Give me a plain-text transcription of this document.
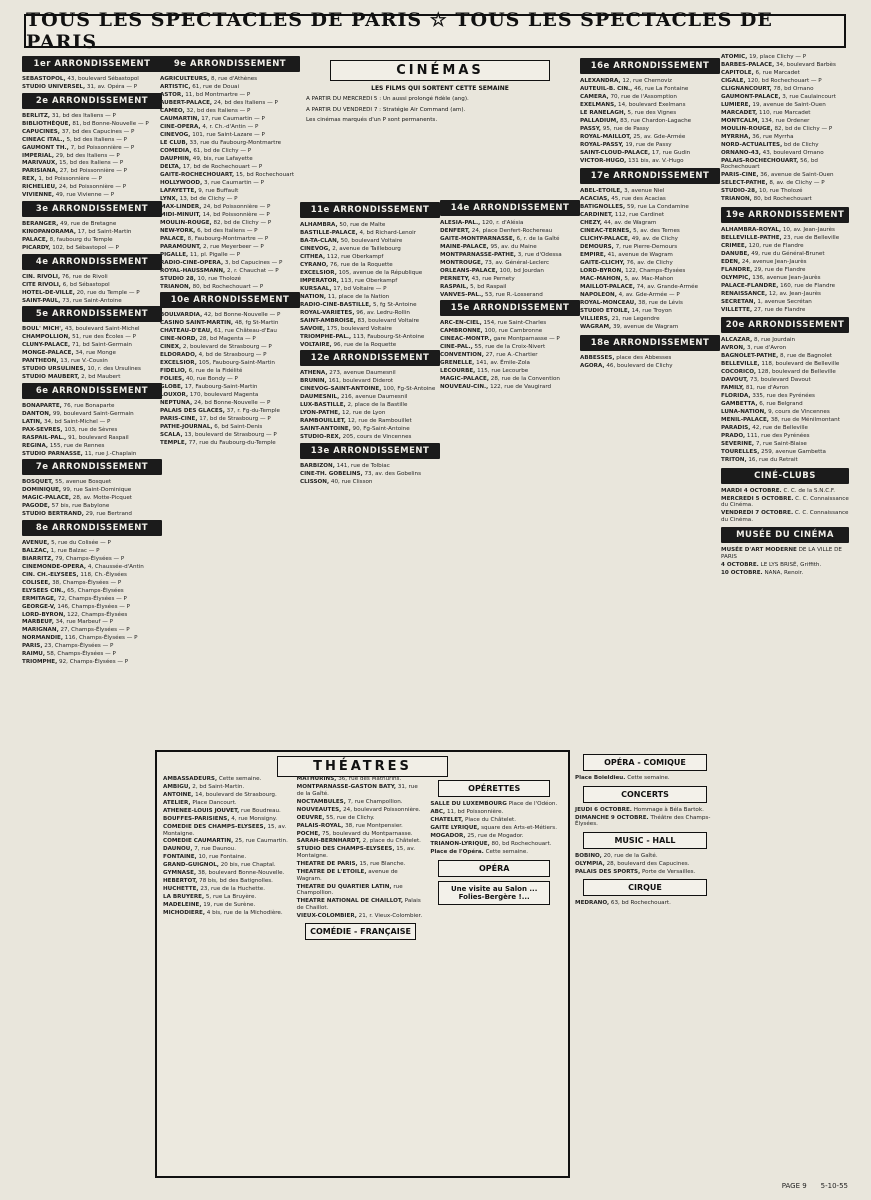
TOUS LES SPECTACLES DE PARIS ☆ TOUS LES SPECTACLES DE PARIS
1er ARRONDISSEMENT
SEBASTOPOL, 43, boulevard Sébastopol
STUDIO UNIVERSEL, 31, av. Opéra — P
2e ARRONDISSEMENT
BERLITZ, 31, bd des Italiens — P
BIBLIOTHÈQUE, 81, bd Bonne-Nouvelle — P
CAPUCINES, 37, bd des Capucines — P
CINEAC ITAL., 5, bd des Italiens — P
GAUMONT TH., 7, bd Poissonnière — P
IMPERIAL, 29, bd des Italiens — P
MARIVAUX, 15, bd des Italiens — P
PARISIANA, 27, bd Poissonnière — P
REX, 1, bd Poissonnière — P
RICHELIEU, 24, bd Poissonnière — P
VIVIENNE, 49, rue Vivienne — P
3e ARRONDISSEMENT
BERANGER, 49, rue de Bretagne
KINOPANORAMA, 17, bd Saint-Martin
PALACE, 8, faubourg du Temple
PICARDY, 102, bd Sébastopol — P
4e ARRONDISSEMENT
CIN. RIVOLI, 76, rue de Rivoli
CITE RIVOLI, 6, bd Sébastopol
HOTEL-DE-VILLE, 20, rue du Temple — P
SAINT-PAUL, 73, rue Saint-Antoine
5e ARRONDISSEMENT
BOUL' MICH', 43, boulevard Saint-Michel
CHAMPOLLION, 51, rue des Écoles — P
CLUNY-PALACE, 71, bd Saint-Germain
MONGE-PALACE, 34, rue Monge
PANTHEON, 13, rue V.-Cousin
STUDIO URSULINES, 10, r. des Ursulines
STUDIO MAUBERT, 2, bd Maubert
6e ARRONDISSEMENT
BONAPARTE, 76, rue Bonaparte
DANTON, 99, boulevard Saint-Germain
LATIN, 34, bd Saint-Michel — P
PAX-SEVRES, 103, rue de Sèvres
RASPAIL-PAL., 91, boulevard Raspail
REGINA, 155, rue de Rennes
STUDIO PARNASSE, 11, rue J.-Chaplain
7e ARRONDISSEMENT
BOSQUET, 55, avenue Bosquet
DOMINIQUE, 99, rue Saint-Dominique
MAGIC-PALACE, 28, av. Motte-Picquet
PAGODE, 57 bis, rue Babylone
STUDIO BERTRAND, 29, rue Bertrand
8e ARRONDISSEMENT
AVENUE, 5, rue du Colisée — P
BALZAC, 1, rue Balzac — P
BIARRITZ, 79, Champs-Élysées — P
CINEMONDE-OPERA, 4, Chaussée-d'Antin
CIN. CH.-ELYSEES, 118, Ch.-Élysées
COLISEE, 38, Champs-Élysées — P
ELYSEES CIN., 65, Champs-Élysées
ERMITAGE, 72, Champs-Élysées — P
GEORGE-V, 146, Champs-Élysées — P
LORD-BYRON, 122, Champs-Élysées
MARBEUF, 34, rue Marbeuf — P
MARIGNAN, 27, Champs-Élysées — P
NORMANDIE, 116, Champs-Élysées — P
PARIS, 23, Champs-Élysées — P
RAIMU, 58, Champs-Élysées — P
TRIOMPHE, 92, Champs-Élysées — P
9e ARRONDISSEMENT
AGRICULTEURS, 8, rue d'Athènes
ARTISTIC, 61, rue de Douai
ASTOR, 11, bd Montmartre — P
AUBERT-PALACE, 24, bd des Italiens — P
CAMEO, 32, bd des Italiens — P
CAUMARTIN, 17, rue Caumartin — P
CINE-OPERA, 4, r. Ch.-d'Antin — P
CINEVOG, 101, rue Saint-Lazare — P
LE CLUB, 33, rue du Faubourg-Montmartre
COMEDIA, 61, bd de Clichy — P
DAUPHIN, 49, bis, rue Lafayette
DELTA, 17, bd de Rochechouart — P
GAITE-ROCHECHOUART, 15, bd Rochechouart
HOLLYWOOD, 3, rue Caumartin — P
LAFAYETTE, 9, rue Buffault
LYNX, 13, bd de Clichy — P
MAX-LINDER, 24, bd Poissonnière — P
MIDI-MINUIT, 14, bd Poissonnière — P
MOULIN-ROUGE, 82, bd de Clichy — P
NEW-YORK, 6, bd des Italiens — P
PALACE, 8, Faubourg-Montmartre — P
PARAMOUNT, 2, rue Meyerbeer — P
PIGALLE, 11, pl. Pigalle — P
RADIO-CINE-OPERA, 3, bd Capucines — P
ROYAL-HAUSSMANN, 2, r. Chauchat — P
STUDIO 28, 10, rue Tholozé
TRIANON, 80, bd Rochechouart — P
10e ARRONDISSEMENT
BOULVARDIA, 42, bd Bonne-Nouvelle — P
CASINO SAINT-MARTIN, 48, fg St-Martin
CHATEAU-D'EAU, 61, rue Château-d'Eau
CINE-NORD, 28, bd Magenta — P
CINEX, 2, boulevard de Strasbourg — P
ELDORADO, 4, bd de Strasbourg — P
EXCELSIOR, 105, Faubourg-Saint-Martin
FIDELIO, 6, rue de la Fidélité
FOLIES, 40, rue Bondy — P
GLOBE, 17, Faubourg-Saint-Martin
LOUXOR, 170, boulevard Magenta
NEPTUNA, 24, bd Bonne-Nouvelle — P
PALAIS DES GLACES, 37, r. Fg-du-Temple
PARIS-CINE, 17, bd de Strasbourg — P
PATHE-JOURNAL, 6, bd Saint-Denis
SCALA, 13, boulevard de Strasbourg — P
TEMPLE, 77, rue du Faubourg-du-Temple
CINÉMAS
LES FILMS QUI SORTENT CETTE SEMAINE
A PARTIR DU MERCREDI 5 : Un aussi prolongé fidèle (ang).
A PARTIR DU VENDREDI 7 : Stratégie Air Command (am).
Les cinémas marqués d'un P sont permanents.
11e ARRONDISSEMENT
ALHAMBRA, 50, rue de Malte
BASTILLE-PALACE, 4, bd Richard-Lenoir
BA-TA-CLAN, 50, boulevard Voltaire
CINEVOG, 2, avenue de Taillebourg
CITHEA, 112, rue Oberkampf
CYRANO, 76, rue de la Roquette
EXCELSIOR, 105, avenue de la République
IMPERATOR, 113, rue Oberkampf
KURSAAL, 17, bd Voltaire — P
NATION, 11, place de la Nation
RADIO-CINE-BASTILLE, 5, fg St-Antoine
ROYAL-VARIETES, 96, av. Ledru-Rollin
SAINT-AMBROISE, 83, boulevard Voltaire
SAVOIE, 175, boulevard Voltaire
TRIOMPHE-PAL., 113, Faubourg-St-Antoine
VOLTAIRE, 96, rue de la Roquette
12e ARRONDISSEMENT
ATHENA, 273, avenue Daumesnil
BRUNIN, 161, boulevard Diderot
CINEVOG-SAINT-ANTOINE, 100, Fg-St-Antoine
DAUMESNIL, 216, avenue Daumesnil
LUX-BASTILLE, 2, place de la Bastille
LYON-PATHE, 12, rue de Lyon
RAMBOUILLET, 12, rue de Rambouillet
SAINT-ANTOINE, 90, Fg-Saint-Antoine
STUDIO-REX, 205, cours de Vincennes
13e ARRONDISSEMENT
BARBIZON, 141, rue de Tolbiac
CINE-TH. GOBELINS, 73, av. des Gobelins
CLISSON, 40, rue Clisson
14e ARRONDISSEMENT
ALESIA-PAL., 120, r. d'Alésia
DENFERT, 24, place Denfert-Rochereau
GAITE-MONTPARNASSE, 6, r. de la Gaîté
MAINE-PALACE, 95, av. du Maine
MONTPARNASSE-PATHE, 3, rue d'Odessa
MONTROUGE, 73, av. Général-Leclerc
ORLEANS-PALACE, 100, bd Jourdan
PERNETY, 43, rue Pernety
RASPAIL, 5, bd Raspail
VANVES-PAL., 53, rue R.-Losserand
15e ARRONDISSEMENT
ARC-EN-CIEL, 154, rue Saint-Charles
CAMBRONNE, 100, rue Cambronne
CINEAC-MONTP., gare Montparnasse — P
CINE-PAL., 55, rue de la Croix-Nivert
CONVENTION, 27, rue A.-Chartier
GRENELLE, 141, av. Émile-Zola
LECOURBE, 115, rue Lecourbe
MAGIC-PALACE, 28, rue de la Convention
NOUVEAU-CIN., 122, rue de Vaugirard
16e ARRONDISSEMENT
ALEXANDRA, 12, rue Chernoviz
AUTEUIL-B. CIN., 46, rue La Fontaine
CAMERA, 70, rue de l'Assomption
EXELMANS, 14, boulevard Exelmans
LE RANELAGH, 5, rue des Vignes
PALLADIUM, 83, rue Chardon-Lagache
PASSY, 95, rue de Passy
ROYAL-MAILLOT, 25, av. Gde-Armée
ROYAL-PASSY, 19, rue de Passy
SAINT-CLOUD-PALACE, 17, rue Gudin
VICTOR-HUGO, 131 bis, av. V.-Hugo
17e ARRONDISSEMENT
ABEL-ETOILE, 3, avenue Niel
ACACIAS, 45, rue des Acacias
BATIGNOLLES, 59, rue La Condamine
CARDINET, 112, rue Cardinet
CHEZY, 44, av. de Wagram
CINEAC-TERNES, 5, av. des Ternes
CLICHY-PALACE, 49, av. de Clichy
DEMOURS, 7, rue Pierre-Demours
EMPIRE, 41, avenue de Wagram
GAITE-CLICHY, 76, av. de Clichy
LORD-BYRON, 122, Champs-Élysées
MAC-MAHON, 5, av. Mac-Mahon
MAILLOT-PALACE, 74, av. Grande-Armée
NAPOLEON, 4, av. Gde-Armée — P
ROYAL-MONCEAU, 38, rue de Lévis
STUDIO ETOILE, 14, rue Troyon
VILLIERS, 21, rue Legendre
WAGRAM, 39, avenue de Wagram
18e ARRONDISSEMENT
ABBESSES, place des Abbesses
AGORA, 46, boulevard de Clichy
ATOMIC, 19, place Clichy — P
BARBES-PALACE, 34, boulevard Barbès
CAPITOLE, 6, rue Marcadet
CIGALE, 120, bd Rochechouart — P
CLIGNANCOURT, 78, bd Ornano
GAUMONT-PALACE, 3, rue Caulaincourt
LUMIERE, 19, avenue de Saint-Ouen
MARCADET, 110, rue Marcadet
MONTCALM, 134, rue Ordener
MOULIN-ROUGE, 82, bd de Clichy — P
MYRRHA, 36, rue Myrrha
NORD-ACTUALITES, bd de Clichy
ORNANO-43, 43, boulevard Ornano
PALAIS-ROCHECHOUART, 56, bd Rochechouart
PARIS-CINE, 36, avenue de Saint-Ouen
SELECT-PATHE, 8, av. de Clichy — P
STUDIO-28, 10, rue Tholozé
TRIANON, 80, bd Rochechouart
19e ARRONDISSEMENT
ALHAMBRA-ROYAL, 10, av. Jean-Jaurès
BELLEVILLE-PATHE, 23, rue de Belleville
CRIMEE, 120, rue de Flandre
DANUBE, 49, rue du Général-Brunet
EDEN, 24, avenue Jean-Jaurès
FLANDRE, 29, rue de Flandre
OLYMPIC, 136, avenue Jean-Jaurès
PALACE-FLANDRE, 160, rue de Flandre
RENAISSANCE, 12, av. Jean-Jaurès
SECRETAN, 1, avenue Secrétan
VILLETTE, 27, rue de Flandre
20e ARRONDISSEMENT
ALCAZAR, 8, rue Jourdain
AVRON, 3, rue d'Avron
BAGNOLET-PATHE, 8, rue de Bagnolet
BELLEVILLE, 118, boulevard de Belleville
COCORICO, 128, boulevard de Belleville
DAVOUT, 73, boulevard Davout
FAMILY, 81, rue d'Avron
FLORIDA, 335, rue des Pyrénées
GAMBETTA, 6, rue Belgrand
LUNA-NATION, 9, cours de Vincennes
MENIL-PALACE, 38, rue de Ménilmontant
PARADIS, 42, rue de Belleville
PRADO, 111, rue des Pyrénées
SEVERINE, 7, rue Saint-Blaise
TOURELLES, 259, avenue Gambetta
TRITON, 16, rue du Retrait
CINÉ-CLUBS
MARDI 4 OCTOBRE. C. C. de la S.N.C.F.
MERCREDI 5 OCTOBRE. C. C. Connaissance du Cinéma.
VENDREDI 7 OCTOBRE. C. C. Connaissance du Cinéma.
MUSÉE DU CINÉMA
MUSÉE D'ART MODERNE DE LA VILLE DE PARIS
4 OCTOBRE. LE LYS BRISÉ, Griffith.
10 OCTOBRE. NANA, Renoir.
THÉATRES
AMBASSADEURS, Cette semaine.
AMBIGU, 2, bd Saint-Martin.
ANTOINE, 14, boulevard de Strasbourg.
ATELIER, Place Dancourt.
ATHENEE-LOUIS JOUVET, rue Boudreau.
BOUFFES-PARISIENS, 4, rue Monsigny.
COMEDIE DES CHAMPS-ELYSEES, 15, av. Montaigne.
COMEDIE CAUMARTIN, 25, rue Caumartin.
DAUNOU, 7, rue Daunou.
FONTAINE, 10, rue Fontaine.
GRAND-GUIGNOL, 20 bis, rue Chaptal.
GYMNASE, 38, boulevard Bonne-Nouvelle.
HEBERTOT, 78 bis, bd des Batignolles.
HUCHETTE, 23, rue de la Huchette.
LA BRUYERE, 5, rue La Bruyère.
MADELEINE, 19, rue de Surène.
MICHODIERE, 4 bis, rue de la Michodière.
MATHURINS, 36, rue des Mathurins.
MONTPARNASSE-GASTON BATY, 31, rue de la Gaîté.
NOCTAMBULES, 7, rue Champollion.
NOUVEAUTES, 24, boulevard Poissonnière.
OEUVRE, 55, rue de Clichy.
PALAIS-ROYAL, 38, rue Montpensier.
POCHE, 75, boulevard du Montparnasse.
SARAH-BERNHARDT, 2, place du Châtelet.
STUDIO DES CHAMPS-ELYSEES, 15, av. Montaigne.
THEATRE DE PARIS, 15, rue Blanche.
THEATRE DE L'ETOILE, avenue de Wagram.
THEATRE DU QUARTIER LATIN, rue Champollion.
THEATRE NATIONAL DE CHAILLOT, Palais de Chaillot.
VIEUX-COLOMBIER, 21, r. Vieux-Colombier.
COMÉDIE - FRANÇAISE
OPÉRETTES
SALLE DU LUXEMBOURG Place de l'Odéon.
ABC, 11, bd Poissonnière.
CHATELET, Place du Châtelet.
GAITE LYRIQUE, square des Arts-et-Métiers.
MOGADOR, 25, rue de Mogador.
TRIANON-LYRIQUE, 80, bd Rochechouart.
Place de l'Opéra. Cette semaine.
OPÉRA
Une visite au Salon ... Folies-Bergère !...
OPÉRA - COMIQUE
Place Boieldieu. Cette semaine.
CONCERTS
JEUDI 6 OCTOBRE. Hommage à Béla Bartok.
DIMANCHE 9 OCTOBRE. Théâtre des Champs-Élysées.
MUSIC - HALL
BOBINO, 20, rue de la Gaîté.
OLYMPIA, 28, boulevard des Capucines.
PALAIS DES SPORTS, Porte de Versailles.
CIRQUE
MEDRANO, 63, bd Rochechouart.
PAGE 9 5-10-55
